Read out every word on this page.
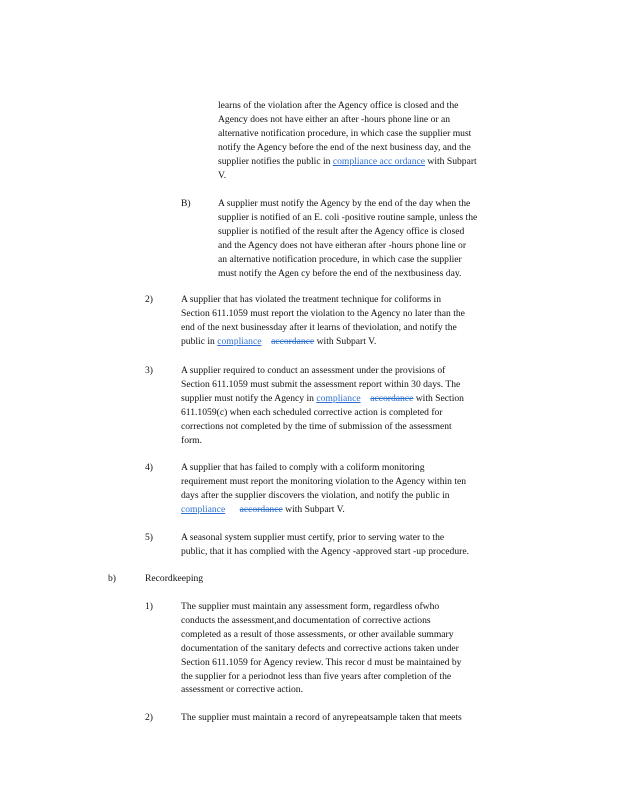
learns of the violation after the Agency office is closed and the
Agency does not have either an after -hours phone line or an
alternative notification procedure, in which case the supplier must
notify the Agency before the end of the next business day, and the
supplier notifies the public in compliance acc ordance with Subpart
V.
B)	A supplier must notify the Agency by the end of the day when the
supplier is notified of an E. coli -positive routine sample, unless the
supplier is notified of the result after the Agency office is closed
and the Agency does not have eitheran after -hours phone line or
an alternative notification procedure, in which case the supplier
must notify the Agen cy before the end of the nextbusiness day.
2)	A supplier that has violated the treatment technique for coliforms in
Section 611.1059 must report the violation to the Agency no later than the
end of the next businessday after it learns of theviolation, and notify the
public in compliance accordance with Subpart V.
3)	A supplier required to conduct an assessment under the provisions of
Section 611.1059 must submit the assessment report within 30 days. The
supplier must notify the Agency in compliance accordance with Section
611.1059(c) when each scheduled corrective action is completed for
corrections not completed by the time of submission of the assessment
form.
4)	A supplier that has failed to comply with a coliform monitoring
requirement must report the monitoring violation to the Agency within ten
days after the supplier discovers the violation, and notify the public in
compliance accordance with Subpart V.
5)	A seasonal system supplier must certify, prior to serving water to the
public, that it has complied with the Agency -approved start -up procedure.
b)	Recordkeeping
1)	The supplier must maintain any assessment form, regardless ofwho
conducts the assessment,and documentation of corrective actions
completed as a result of those assessments, or other available summary
documentation of the sanitary defects and corrective actions taken under
Section 611.1059 for Agency review. This recor d must be maintained by
the supplier for a periodnot less than five years after completion of the
assessment or corrective action.
2)	The supplier must maintain a record of anyrepeatsample taken that meets
